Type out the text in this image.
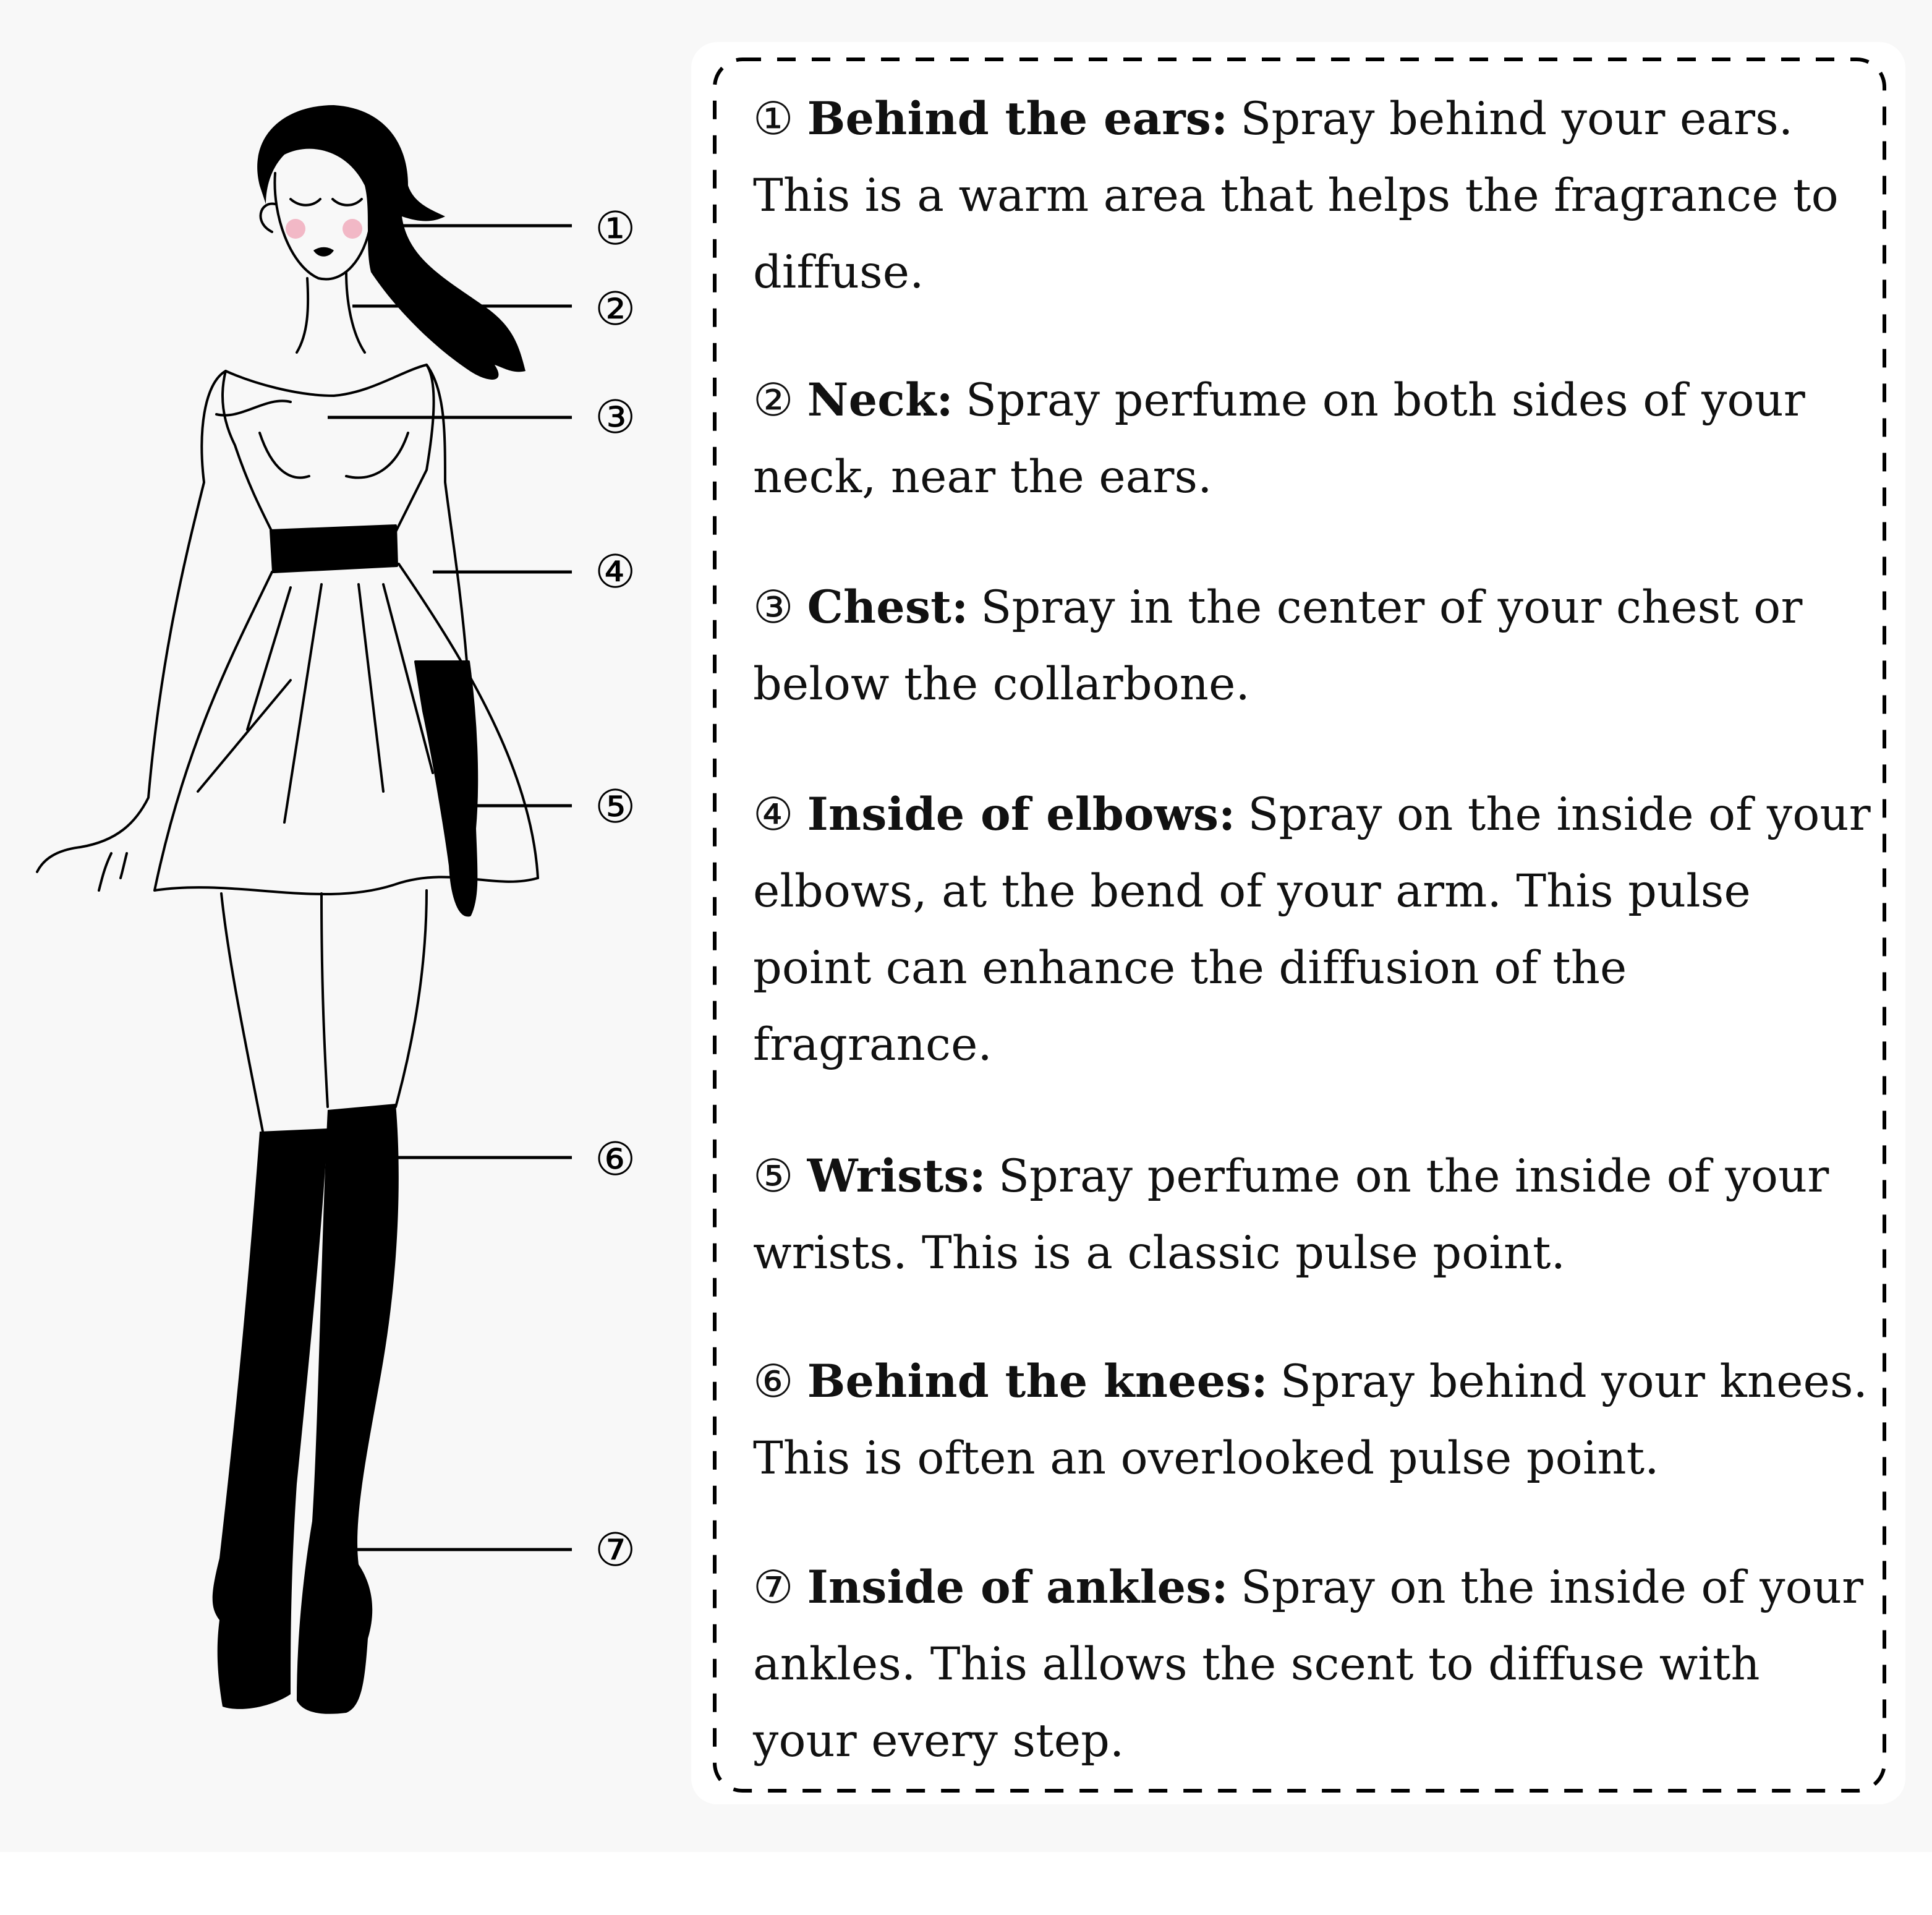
①
②
③
④
⑤
⑥
⑦
① Behind the ears: Spray behind your ears. This is a warm area that helps the fragrance to diffuse.
② Neck: Spray perfume on both sides of your neck, near the ears.
③ Chest: Spray in the center of your chest or below the collarbone.
④ Inside of elbows: Spray on the inside of your elbows, at the bend of your arm. This pulse point can enhance the diffusion of the fragrance.
⑤ Wrists: Spray perfume on the inside of your wrists. This is a classic pulse point.
⑥ Behind the knees: Spray behind your knees. This is often an overlooked pulse point.
⑦ Inside of ankles: Spray on the inside of your ankles. This allows the scent to diffuse with your every step.
